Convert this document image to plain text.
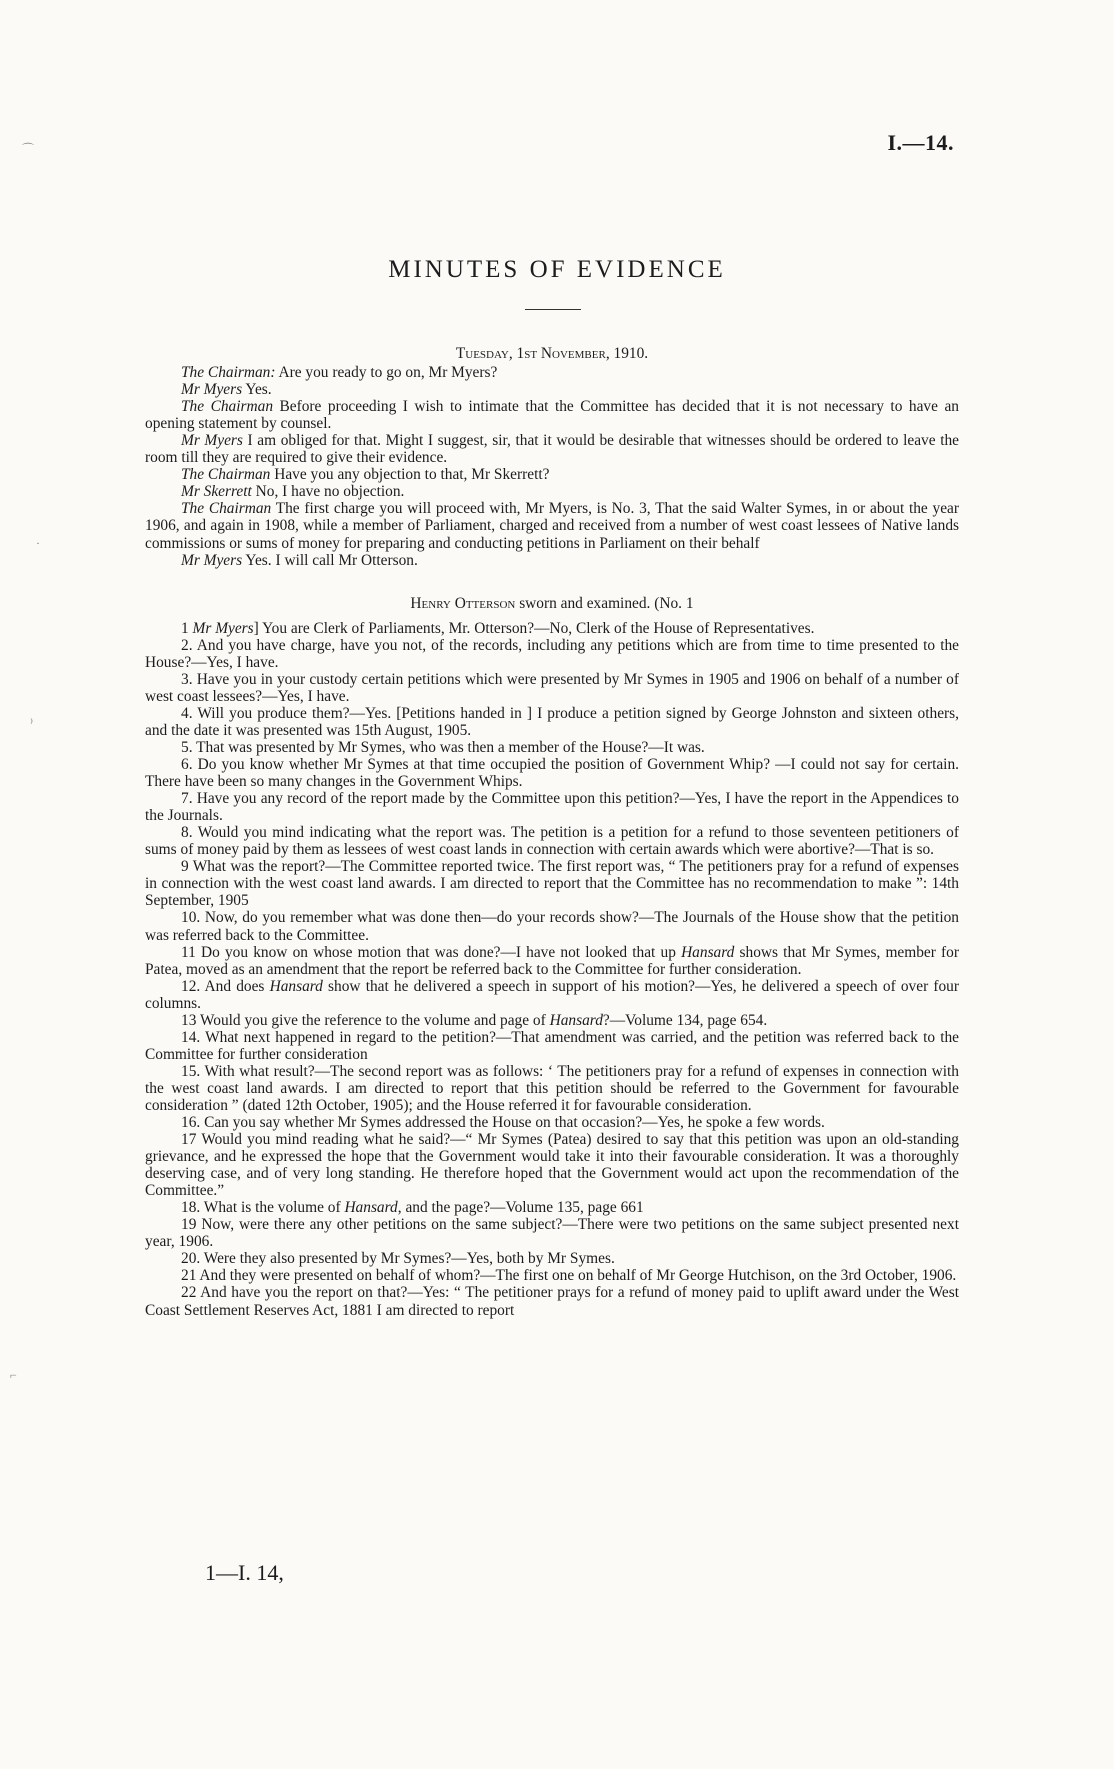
⌒
·
⁾
⌐
I.—14.
MINUTES OF EVIDENCE

Tuesday, 1st November, 1910.

The Chairman: Are you ready to go on, Mr Myers?

Mr Myers Yes.

The Chairman Before proceeding I wish to intimate that the Committee has decided that it is not necessary to have an opening statement by counsel.

Mr Myers I am obliged for that. Might I suggest, sir, that it would be desirable that witnesses should be ordered to leave the room till they are required to give their evidence.

The Chairman Have you any objection to that, Mr Skerrett?

Mr Skerrett No, I have no objection.

The Chairman The first charge you will proceed with, Mr Myers, is No. 3, That the said Walter Symes, in or about the year 1906, and again in 1908, while a member of Parliament, charged and received from a number of west coast lessees of Native lands commissions or sums of money for preparing and conducting petitions in Parliament on their behalf

Mr Myers Yes. I will call Mr Otterson.

Henry Otterson sworn and examined. (No. 1

1 Mr Myers] You are Clerk of Parliaments, Mr. Otterson?—No, Clerk of the House of Representatives.

2. And you have charge, have you not, of the records, including any petitions which are from time to time presented to the House?—Yes, I have.

3. Have you in your custody certain petitions which were presented by Mr Symes in 1905 and 1906 on behalf of a number of west coast lessees?—Yes, I have.

4. Will you produce them?—Yes. [Petitions handed in ] I produce a petition signed by George Johnston and sixteen others, and the date it was presented was 15th August, 1905.

5. That was presented by Mr Symes, who was then a member of the House?—It was.

6. Do you know whether Mr Symes at that time occupied the position of Government Whip? —I could not say for certain. There have been so many changes in the Government Whips.

7. Have you any record of the report made by the Committee upon this petition?—Yes, I have the report in the Appendices to the Journals.

8. Would you mind indicating what the report was. The petition is a petition for a refund to those seventeen petitioners of sums of money paid by them as lessees of west coast lands in connection with certain awards which were abortive?—That is so.

9 What was the report?—The Committee reported twice. The first report was, “ The petitioners pray for a refund of expenses in connection with the west coast land awards. I am directed to report that the Committee has no recommendation to make ”: 14th September, 1905

10. Now, do you remember what was done then—do your records show?—The Journals of the House show that the petition was referred back to the Committee.

11 Do you know on whose motion that was done?—I have not looked that up Hansard shows that Mr Symes, member for Patea, moved as an amendment that the report be referred back to the Committee for further consideration.

12. And does Hansard show that he delivered a speech in support of his motion?—Yes, he delivered a speech of over four columns.

13 Would you give the reference to the volume and page of Hansard?—Volume 134, page 654.

14. What next happened in regard to the petition?—That amendment was carried, and the petition was referred back to the Committee for further consideration

15. With what result?—The second report was as follows: ‘ The petitioners pray for a refund of expenses in connection with the west coast land awards. I am directed to report that this petition should be referred to the Government for favourable consideration ” (dated 12th October, 1905); and the House referred it for favourable consideration.

16. Can you say whether Mr Symes addressed the House on that occasion?—Yes, he spoke a few words.

17 Would you mind reading what he said?—“ Mr Symes (Patea) desired to say that this petition was upon an old-standing grievance, and he expressed the hope that the Government would take it into their favourable consideration. It was a thoroughly deserving case, and of very long standing. He therefore hoped that the Government would act upon the recommendation of the Committee.”

18. What is the volume of Hansard, and the page?—Volume 135, page 661

19 Now, were there any other petitions on the same subject?—There were two petitions on the same subject presented next year, 1906.

20. Were they also presented by Mr Symes?—Yes, both by Mr Symes.

21 And they were presented on behalf of whom?—The first one on behalf of Mr George Hutchison, on the 3rd October, 1906.

22 And have you the report on that?—Yes: “ The petitioner prays for a refund of money paid to uplift award under the West Coast Settlement Reserves Act, 1881 I am directed to report

1—I. 14,
